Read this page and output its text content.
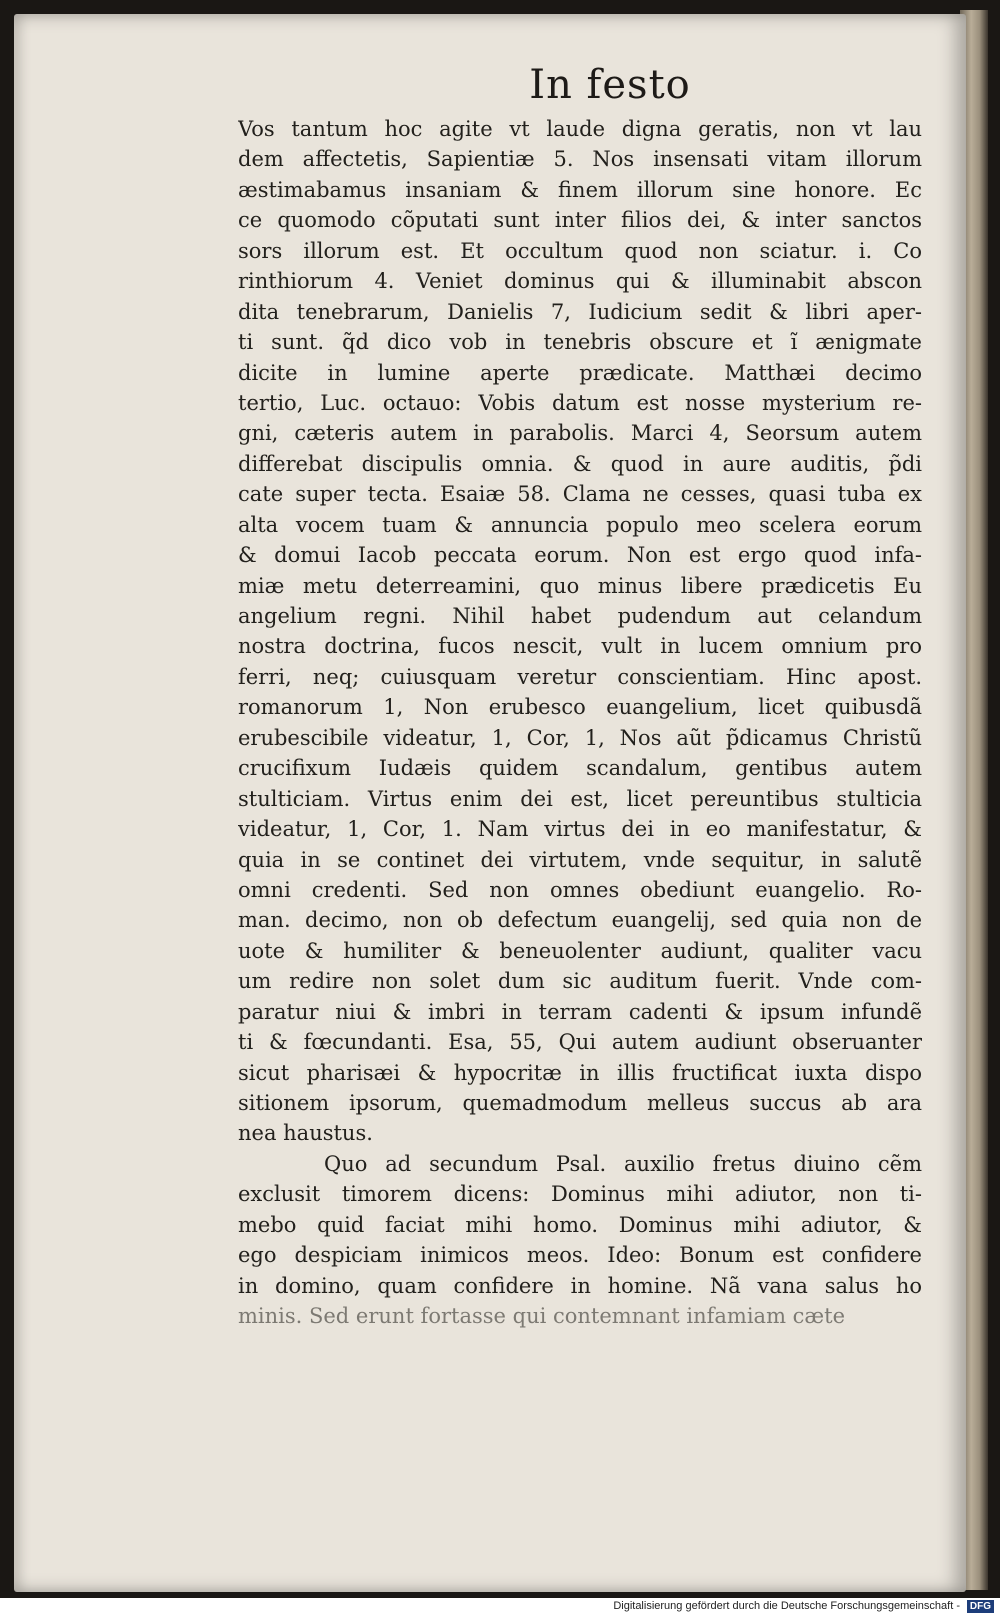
In festo
Vos tantum hoc agite vt laude digna geratis, non vt lau
dem affectetis, Sapientiæ 5. Nos insensati vitam illorum
æstimabamus insaniam & finem illorum sine honore. Ec
ce quomodo cõputati sunt inter filios dei, & inter sanctos
sors illorum est. Et occultum quod non sciatur. i. Co
rinthiorum 4. Veniet dominus qui & illuminabit abscon
dita tenebrarum, Danielis 7, Iudicium sedit & libri aper-
ti sunt. q̃d dico vob in tenebris obscure et ĩ ænigmate
dicite in lumine aperte prædicate. Matthæi decimo
tertio, Luc. octauo: Vobis datum est nosse mysterium re-
gni, cæteris autem in parabolis. Marci 4, Seorsum autem
differebat discipulis omnia. & quod in aure auditis, p̃di
cate super tecta. Esaiæ 58. Clama ne cesses, quasi tuba ex
alta vocem tuam & annuncia populo meo scelera eorum
& domui Iacob peccata eorum. Non est ergo quod infa-
miæ metu deterreamini, quo minus libere prædicetis Eu
angelium regni. Nihil habet pudendum aut celandum
nostra doctrina, fucos nescit, vult in lucem omnium pro
ferri, neq; cuiusquam veretur conscientiam. Hinc apost.
romanorum 1, Non erubesco euangelium, licet quibusdã
erubescibile videatur, 1, Cor, 1, Nos aũt p̃dicamus Christũ
crucifixum Iudæis quidem scandalum, gentibus autem
stulticiam. Virtus enim dei est, licet pereuntibus stulticia
videatur, 1, Cor, 1. Nam virtus dei in eo manifestatur, &
quia in se continet dei virtutem, vnde sequitur, in salutẽ
omni credenti. Sed non omnes obediunt euangelio. Ro-
man. decimo, non ob defectum euangelij, sed quia non de
uote & humiliter & beneuolenter audiunt, qualiter vacu
um redire non solet dum sic auditum fuerit. Vnde com-
paratur niui & imbri in terram cadenti & ipsum infundẽ
ti & fœcundanti. Esa, 55, Qui autem audiunt obseruanter
sicut pharisæi & hypocritæ in illis fructificat iuxta dispo
sitionem ipsorum, quemadmodum melleus succus ab ara
nea haustus.
Quo ad secundum Psal. auxilio fretus diuino cẽm
exclusit timorem dicens: Dominus mihi adiutor, non ti-
mebo quid faciat mihi homo. Dominus mihi adiutor, &
ego despiciam inimicos meos. Ideo: Bonum est confidere
in domino, quam confidere in homine. Nã vana salus ho
minis. Sed erunt fortasse qui contemnant infamiam cæte
Digitalisierung gefördert durch die Deutsche Forschungsgemeinschaft - DFG
